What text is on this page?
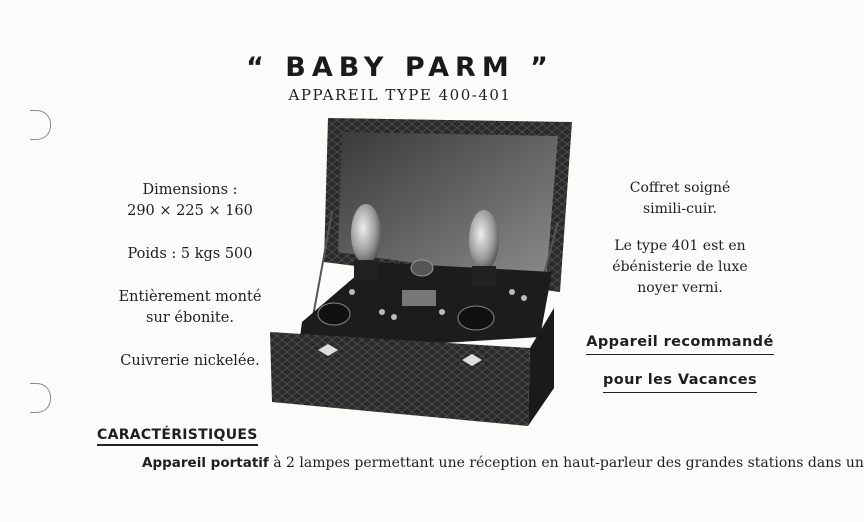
“ BABY PARM ”
APPAREIL TYPE 400-401

Dimensions :
290 × 225 × 160

Poids : 5 kgs 500

Entièrement monté
sur ébonite.

Cuivrerie nickelée.

Coffret soigné
simili-cuir.

Le type 401 est en
ébénisterie de luxe
noyer verni.

Appareil recommandé
pour les Vacances
CARACTÉRISTIQUES
Appareil portatif à 2 lampes permettant une réception en haut-parleur des grandes stations dans un
